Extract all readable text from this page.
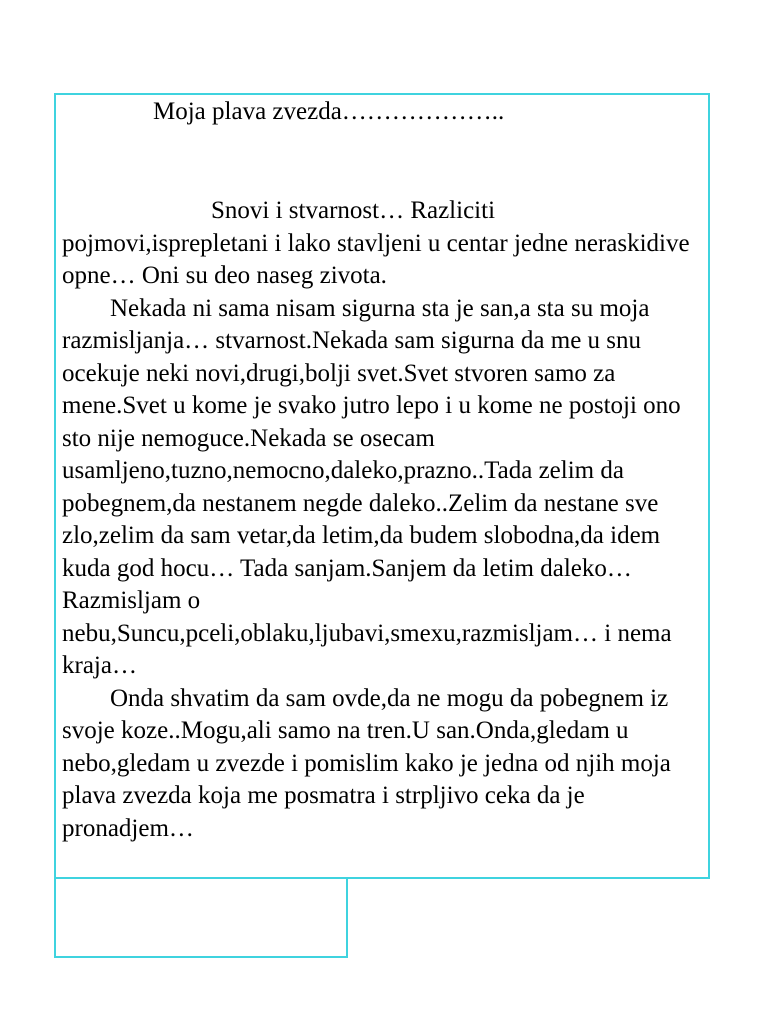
Moja plava zvezda………………..

Snovi i stvarnost… Razliciti pojmovi,isprepletani i lako stavljeni u centar jedne neraskidive opne… Oni su deo naseg zivota.

Nekada ni sama nisam sigurna sta je san,a sta su moja razmisljanja… stvarnost.Nekada sam sigurna da me u snu ocekuje neki novi,drugi,bolji svet.Svet stvoren samo za mene.Svet u kome je svako jutro lepo i u kome ne postoji ono sto nije nemoguce.Nekada se osecam usamljeno,tuzno,nemocno,daleko,prazno..Tada zelim da pobegnem,da nestanem negde daleko..Zelim da nestane sve zlo,zelim da sam vetar,da letim,da budem slobodna,da idem kuda god hocu… Tada sanjam.Sanjem da letim daleko… Razmisljam o nebu,Suncu,pceli,oblaku,ljubavi,smexu,razmisljam… i nema kraja…

Onda shvatim da sam ovde,da ne mogu da pobegnem iz svoje koze..Mogu,ali samo na tren.U san.Onda,gledam u nebo,gledam u zvezde i pomislim kako je jedna od njih moja plava zvezda koja me posmatra i strpljivo ceka da je pronadjem…
